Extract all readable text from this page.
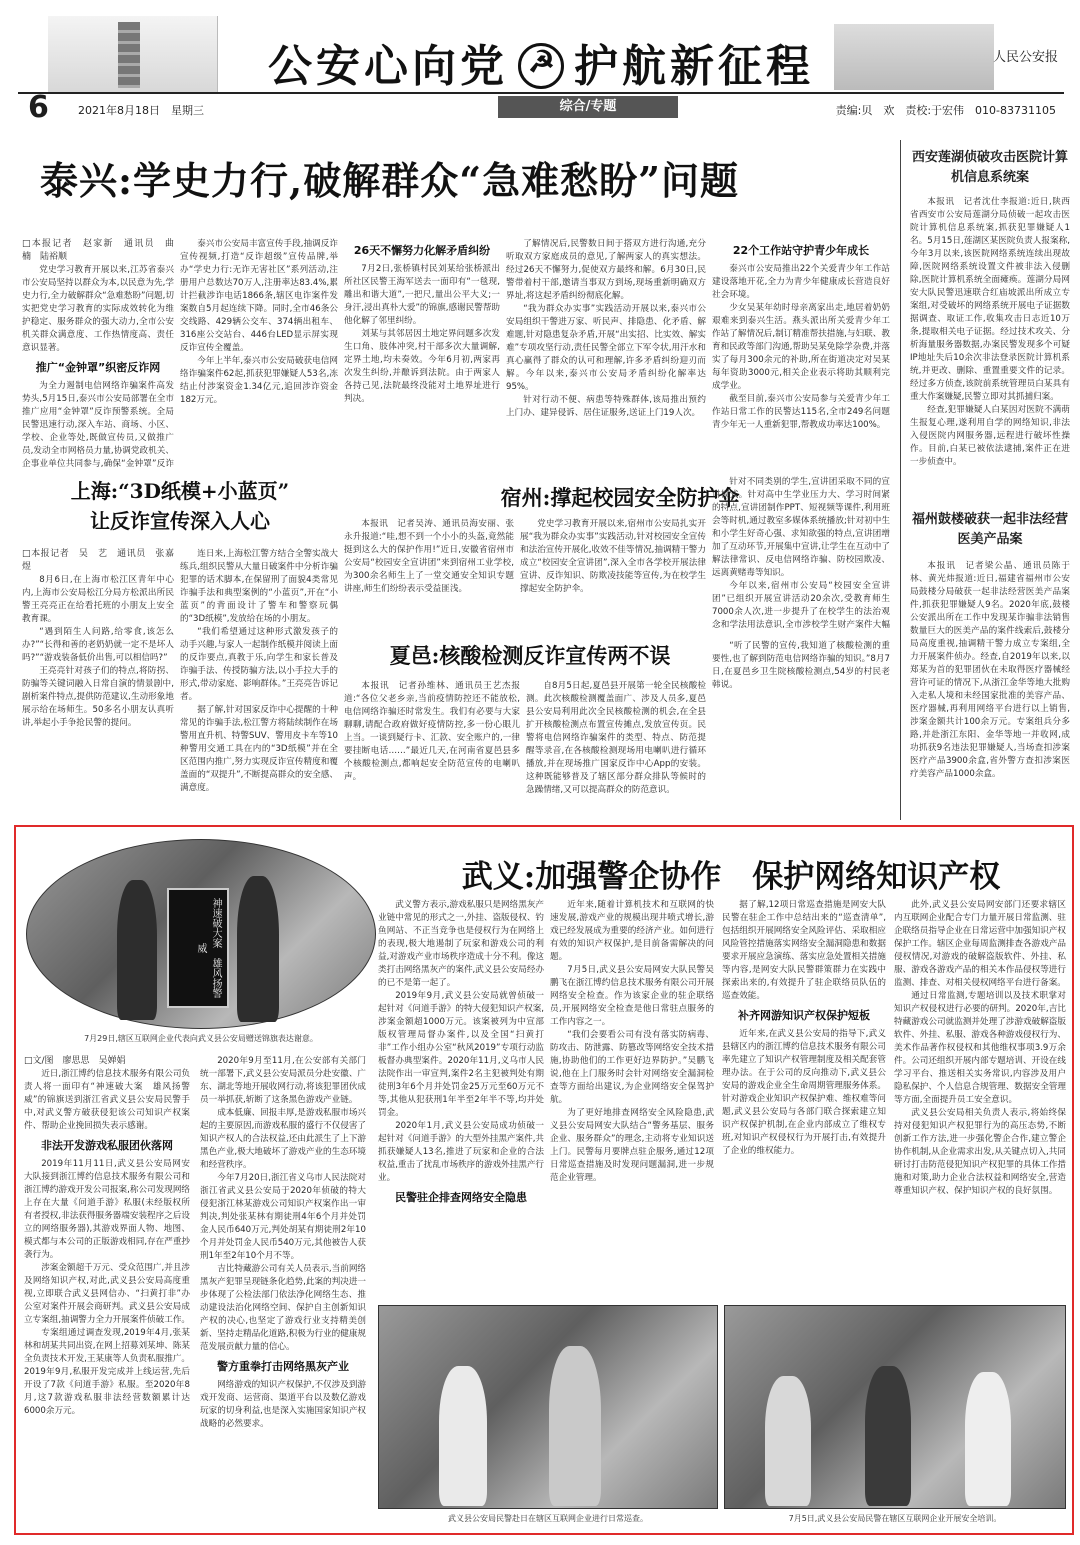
公安心向党☭ 护航新征程	人民公安报
6	2021年8月18日　星期三	综合/专题	责编:贝　欢　责校:于宏伟　010-83731105
泰兴:学史力行,破解群众“急难愁盼”问题

□本报记者　赵家新　通讯员　曲　楠　陆裕顺

党史学习教育开展以来,江苏省泰兴市公安局坚持以群众为本,以民意为先,学史力行,全力破解群众“急难愁盼”问题,切实把党史学习教育的实际成效转化为维护稳定、服务群众的强大动力,全市公安机关群众满意度、工作热情度高、责任意识显著。

推广“金钟罩”织密反诈网

为全力遏制电信网络诈骗案件高发势头,5月15日,泰兴市公安局部署在全市推广应用“金钟罩”反诈预警系统。全局民警迅速行动,深入车站、商场、小区、学校、企业等处,既做宣传员,又做推广员,发动全市网格员力量,协调党政机关、企事业单位共同参与,确保“金钟罩”反诈

泰兴市公安局丰富宣传手段,抽调反诈宣传视频,打造“反诈超级”宣传品牌,举办“学史力行:无诈无害社区”系列活动,注册用户总数达70万人,注册率达83.4%,累计拦截涉诈电话1866条,辖区电诈案件发案数自5月起连续下降。同时,全市46条公交线路、429辆公交车、374辆出租车、316座公交站台、446台LED显示屏实现反诈宣传全覆盖。

今年上半年,泰兴市公安局破获电信网络诈骗案件62起,抓获犯罪嫌疑人53名,冻结止付涉案资金1.34亿元,追回涉诈资金182万元。

26天不懈努力化解矛盾纠纷

7月2日,张桥镇村民刘某给张桥派出所社区民警王海军送去一面印有“一毯现,雕出和谐大道”,一把尺,量出公平大义;一身汗,浸出真朴大爱”的锦旗,感谢民警帮助他化解了邻里纠纷。

刘某与其邻居因土地定界问题多次发生口角、肢体冲突,村干部多次大量调解,定界土地,均未奏效。今年6月初,两家再次发生纠纷,并酿诉到法院。由于两家人各持己见,法院最终没能对土地界址进行判决。

了解情况后,民警数日间于搭双方进行沟通,充分听取双方家庭成员的意见,了解两家人的真实想法。经过26天不懈努力,促使双方最终和解。6月30日,民警带着村干部,邀请当事双方到场,现场重新明确双方界址,将这起矛盾纠纷彻底化解。

“我为群众办实事”实践活动开展以来,泰兴市公安局组织干警进万家、听民声、排隐患、化矛盾、解难题,针对隐患复杂矛盾,开展“出实招、比实效、解实难”专项攻坚行动,责任民警全部立下军令状,用汗水和真心赢得了群众的认可和理解,许多矛盾纠纷迎刃而解。今年以来,泰兴市公安局矛盾纠纷化解率达95%。

针对行动不便、病患等特殊群体,该局推出预约上门办、建异侵诉、居住证服务,送证上门19人次。

22个工作站守护青少年成长

泰兴市公安局推出22个关爱青少年工作站建设落地开花,全力为青少年健康成长营造良好社会环境。

少女吴某年幼时母亲离家出走,地居着奶奶艰难来到泰兴生活。燕头派出所关爱青少年工作站了解情况后,制订精准帮扶措施,与妇联、教育和民政等部门沟通,帮助吴某免除学杂费,并落实了每月300余元的补助,所在街道决定对吴某每年资助3000元,相关企业表示将助其顺利完成学业。

截至目前,泰兴市公安局参与关爱青少年工作站日常工作的民警达115名,全市249名问题青少年无一人重新犯罪,帮教成功率达100%。

西安莲湖侦破攻击医院计算机信息系统案

本报讯　记者沈仕李报道:近日,陕西省西安市公安局莲湖分局侦破一起攻击医院计算机信息系统案,抓获犯罪嫌疑人1名。5月15日,莲湖区某医院负责人报案称,今年3月以来,该医院网络系统连续出现故障,医院网络系统设置文件被非法入侵删除,医院计算机系统全面瘫痪。莲湖分局网安大队民警迅速联合红庙坡派出所成立专案组,对受破坏的网络系统开展电子证据数据调查、取证工作,收集攻击日志近10万条,提取相关电子证据。经过技术攻关、分析海量服务器数据,办案民警发现多个可疑IP地址失后10余次非法登录医院计算机系统,并更改、删除、重置重要文件的记录。经过多方侦查,该院前系统管理员白某具有重大作案嫌疑,民警立即对其抓捕归案。

经查,犯罪嫌疑人白某因对医院不满萌生报复心理,遂利用自学的网络知识,非法入侵医院内网服务器,远程进行破坏性操作。目前,白某已被依法逮捕,案件正在进一步侦查中。

福州鼓楼破获一起非法经营医美产品案

本报讯　记者梁公晶、通讯员陈于林、黄光炜报道:近日,福建省福州市公安局鼓楼分局破获一起非法经营医美产品案件,抓获犯罪嫌疑人9名。2020年底,鼓楼公安派出所在工作中发现某诈骗非法销售数量巨大的医美产品的案件线索后,鼓楼分局高度重视,抽调精干警力成立专案组,全力开展案件侦办。经查,自2019年以来,以郑某为首的犯罪团伙在未取得医疗器械经营许可证的情况下,从浙江金华等地大批购入走私人境和未经国家批准的美容产品、医疗器械,再利用网络平台进行以上销售,涉案金额共计100余万元。专案组兵分多路,并赴浙江东阳、金华等地一并收网,成功抓获9名违法犯罪嫌疑人,当场查扣涉案医疗产品3900余盒,省外警方查扣涉案医疗美容产品1000余盒。

上海:“3D纸模+小蓝页”
让反诈宣传深入人心

□本报记者　吴　艺　通讯员　张嘉煜

8月6日,在上海市松江区青年中心内,上海市公安局松江分局方松派出所民警王亮亮正在给看托班的小朋友上安全教育课。

“遇到陌生人问路,给零食,该怎么办?”“长得和善的老奶奶就一定不是坏人吗?”“游戏装备低价出售,可以相信吗?”

王亮亮针对孩子们的特点,将防拐、防骗等关键词融入日常自演的情景剧中,剧析案件特点,提供防范建议,生动形象地展示给在场师生。50多名小朋友认真听讲,举起小手争抢民警的提问。

连日来,上海松江警方结合全警实战大练兵,组织民警从大量日破案件中分析诈骗犯罪的话术脚本,在保留刑了面貌4类常见诈骗手法和典型案例的“小蓝页”,开在“小蓝页”的背面设计了警车和警察玩偶的“3D纸模”,发放给在场的小朋友。

“我们希望通过这种形式激发孩子的动手兴趣,与家人一起制作纸模并阅读上面的反诈要点,真教于乐,向学生和家长普及诈骗手法、传授防骗方法,以小手拉大手的形式,带动家庭、影响群体。”王亮亮告诉记者。

据了解,针对国家反诈中心提醒的十种常见的诈骗手法,松江警方将陆续制作在场警用直升机、特警SUV、警用皮卡车等10种警用交通工具在内的“3D纸模”并在全区范围内推广,努力实现反诈宣传精度和覆盖面的“双提升”,不断提高群众的安全感、满意度。

宿州:撑起校园安全防护伞

本报讯　记者吴涛、通讯员海安丽、张永升报道:“哇,想不到一个小小的头盔,竟然能挺到这么大的保护作用!”近日,安徽省宿州市公安局“校园安全宣讲团”来到宿州工业学校,为300余名师生上了一堂交通安全知识专题讲座,师生们纷纷表示受益匪浅。

党史学习教育开展以来,宿州市公安局扎实开展“我为群众办实事”实践活动,针对校园安全宣传和法治宣传开展化,收效不佳等情况,抽调精干警力成立“校园安全宣讲团”,深入全市各学校开展法律宣讲、反诈知识、防欺凌技能等宣传,为在校学生撑起安全防护伞。

针对不同类别的学生,宣讲团采取不同的宣讲模式。针对高中生学业压力大、学习时间紧的特点,宣讲团制作PPT、短视频等课件,利用班会等时机,通过教室多媒体系统播放;针对初中生和小学生好奇心强、求知欲强的特点,宣讲团增加了互动环节,开展集中宣讲,让学生在互动中了解法律常识、反电信网络诈骗、防校园欺凌、远离黄赌毒等知识。

今年以来,宿州市公安局“校园安全宣讲团”已组织开展宣讲活动20余次,受教育师生7000余人次,进一步提升了在校学生的法治观念和学法用法意识,全市涉校学生财产案件大幅

夏邑:核酸检测反诈宣传两不误

本报讯　记者孙维林、通讯员王艺杰报道:“各位父老乡亲,当前疫情防控还不能放松,电信网络诈骗还时常发生。我们有必要与大家聊聊,请配合政府做好疫情防控,多一份心眼儿上当。一谈到疑行卡、汇款、安全账户的,一律要挂断电话……”最近几天,在河南省夏邑县多个核酸检测点,都响起安全防范宣传的电喇叭声。

自8月5日起,夏邑县开展第一轮全民核酸检测。此次核酸检测覆盖面广、涉及人员多,夏邑县公安局利用此次全民核酸检测的机会,在全县扩开核酸检测点布置宣传摊点,发放宣传页。民警将电信网络诈骗案件的类型、特点、防范提醒等录音,在各核酸检测现场用电喇叭进行循环播放,并在现场推广国家反诈中心App的安装。这种既能够普及了辖区部分群众排队等候时的急躁情绪,又可以提高群众的防范意识。

“听了民警的宣传,我知道了核酸检测的重要性,也了解到防范电信网络诈骗的知识。”8月7日,在夏邑乡卫生院核酸检测点,54岁的村民老韩说。

神速破大案　雄风扬警威
7月29日,辖区互联网企业代表向武义县公安局赠送锦旗表达谢意。
武义:加强警企协作　保护网络知识产权

□文/图　廖思思　吴婵娟

近日,浙江博约信息技术服务有限公司负责人将一面印有“神速破大案　雄风扬警威”的锦旗送到浙江省武义县公安局民警手中,对武义警方破获侵犯该公司知识产权案件、帮助企业挽回损失表示感谢。

非法开发游戏私服团伙落网

2019年11月11日,武义县公安局网安大队接到浙江博约信息技术服务有限公司和浙江博约游戏开发公司报案,称公司发现网络上存在大量《问道手游》私服(未经版权所有者授权,非法获得服务器端安装程序之后设立的网络服务器),其游戏界面人物、地图、模式都与本公司的正版游戏相同,存在严重抄袭行为。

涉案金额超千万元、受众范围广,并且涉及网络知识产权,对此,武义县公安局高度重视,立即联合武义县网信办、“扫黄打非”办公室对案件开展会商研判。武义县公安局成立专案组,抽调警力全力开展案件侦破工作。

专案组通过调查发现,2019年4月,张某林和胡某共同出资,在网上招募刘某坤、陈某全负责技术开发,王某康等人负责私服推广。2019年9月,私服开发完成并上线运营,先后开设了7款《问道手游》私服。至2020年8月,这7款游戏私服非法经营数额累计达6000余万元。

2020年9月至11月,在公安部有关部门统一部署下,武义县公安局派员分赴安徽、广东、湖北等地开展收网行动,将该犯罪团伙成员一举抓获,斩断了这条黑色游戏产业链。

成本低廉、回报丰厚,是游戏私服市场兴起的主要原因,而游戏私服的盛行不仅侵害了知识产权人的合法权益,还由此派生了上下游黑色产业,极大地破坏了游戏产业的生态环境和经营秩序。

今年7月20日,浙江省义乌市人民法院对浙江省武义县公安局于2020年侦破的特大侵犯浙江林某游戏公司知识产权案作出一审判决,判处张某林有期徒刑4年6个月并处罚金人民币640万元,判处胡某有期徒刑2年10个月并处罚金人民币540万元,其他被告人获刑1年至2年10个月不等。

吉比特藏游公司有关人员表示,当前网络黑灰产犯罪呈现链条化趋势,此案的判决进一步体现了公检法部门依法净化网络生态、推动建设法治化网络空间、保护自主创新知识产权的决心,也坚定了游戏行业支持精美创新、坚持走精品化道路,积极为行业的健康规范发展贡献力量的信心。

警方重拳打击网络黑灰产业

网络游戏的知识产权保护,不仅涉及到游戏开发商、运营商、渠道平台以及数亿游戏玩家的切身利益,也是深入实施国家知识产权战略的必然要求。

武义警方表示,游戏私服只是网络黑灰产业链中常见的形式之一,外挂、盗版侵权、钓鱼网站、不正当竞争也是侵权行为在网络上的表现,极大地遏制了玩家和游戏公司的利益,对游戏产业市场秩序造成十分不利。像这类打击网络黑灰产的案件,武义县公安局经办的已不是第一起了。

2019年9月,武义县公安局就曾侦破一起针对《问道手游》的特大侵犯知识产权案,涉案金额超1000万元。该案被列为中宣部版权管理局督办案件,以及全国“扫黄打非”工作小组办公室“秋风2019”专项行动监板督办典型案件。2020年11月,义乌市人民法院作出一审宣判,案件2名主犯被判处有期徒刑3年6个月并处罚金25万元至60万元不等,其他从犯获刑1年半至2年半不等,均并处罚金。

2020年1月,武义县公安局成功侦破一起针对《问道手游》的大型外挂黑产案件,共抓获嫌疑人13名,推进了玩家和企业的合法权益,重击了扰乱市场秩序的游戏外挂黑产行业。

民警驻企排查网络安全隐患

近年来,随着计算机技术和互联网的快速发展,游戏产业的规模出现井喷式增长,游戏已经发展成为重要的经济产业。如何进行有效的知识产权保护,是目前备需解决的问题。

7月5日,武义县公安局网安大队民警吴鹏飞在浙江博约信息技术服务有限公司开展网络安全检查。作为该家企业的驻企联络员,开展网络安全检查是他日常驻点服务的工作内容之一。

“我们会要看公司有没有落实防病毒、防攻击、防泄露、防篡改等网络安全技术措施,协助他们的工作更好边界防护。”吴鹏飞说,他在上门服务时会针对网络安全漏洞检查等方面给出建议,为企业网络安全保驾护航。

为了更好地排查网络安全风险隐患,武义县公安局网安大队结合“警务基层、服务企业、服务群众”的理念,主动将专业知识送上门。民警每月要牌点驻企服务,通过12项日常巡查措施及时发现问题漏洞,进一步规范企业管理。

据了解,12项日常巡查措施是网安大队民警在驻企工作中总结出来的“巡查清单”,包括组织开展网络安全风险评估、采取相应风险管控措施落实网络安全漏洞隐患和数据要求开展应急演练、落实应急处置相关措施等内容,是网安大队民警群策群力在实践中探索出来的,有效提升了驻企联络员队伍的巡查效能。

补齐网游知识产权保护短板

近年来,在武义县公安局的指导下,武义县辖区内的浙江博约信息技术服务有限公司率先建立了知识产权管理制度及相关配套管理办法。在于公司的反向推动下,武义县公安局的游戏企业全生命周期管理服务体系。针对游戏企业知识产权保护难、维权难等问题,武义县公安局与各部门联合探索建立知识产权保护机制,在企业内部成立了维权专班,对知识产权侵权行为开展打击,有效提升了企业的维权能力。

此外,武义县公安局网安部门还要求辖区内互联网企业配合专门力量开展日常监测、驻企联络员指导企业在日常运营中加强知识产权保护工作。辖区企业每周监测排查各游戏产品侵权情况,对游戏的破解盗版软件、外挂、私服、游戏各游戏产品的相关本作品侵权等进行监测、排查、对相关侵权网络平台进行备案。

通过日常监测,专题培训以及技术职掌对知识产权侵权进行必要的研判。2020年,吉比特藏游戏公司就监测并处理了涉游戏破解盗版软件、外挂、私服、游戏各种游戏侵权行为、美术作品著作权侵权和其他维权事项3.9万余件。公司还组织开展内部专题培训、开设在线学习平台、推送相关实务常识,内容涉及用户隐私保护、个人信息合规管理、数据安全管理等方面,全面提升员工安全意识。

武义县公安局相关负责人表示,将始终保持对侵犯知识产权犯罪行为的高压态势,不断创新工作方法,进一步强化警企合作,建立警企协作机制,从企业需求出发,从关键点切入,共同研讨打击防范侵犯知识产权犯罪的具体工作措施和对策,助力企业合法权益和网络安全,营造尊重知识产权、保护知识产权的良好氛围。

武义县公安局民警赴日在辖区互联网企业进行日常巡查。	7月5日,武义县公安局民警在辖区互联网企业开展安全培训。
